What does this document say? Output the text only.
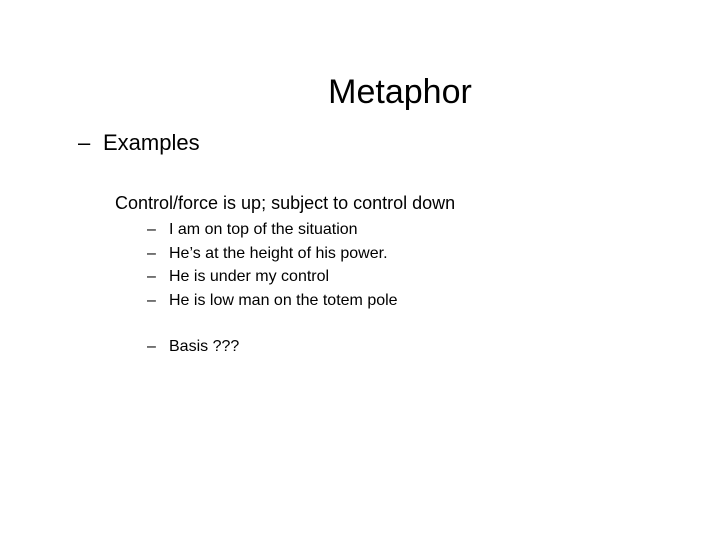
Metaphor
– Examples
Control/force is up; subject to control down
– I am on top of the situation
– He’s at the height of his power.
– He is under my control
– He is low man on the totem pole
– Basis ???
